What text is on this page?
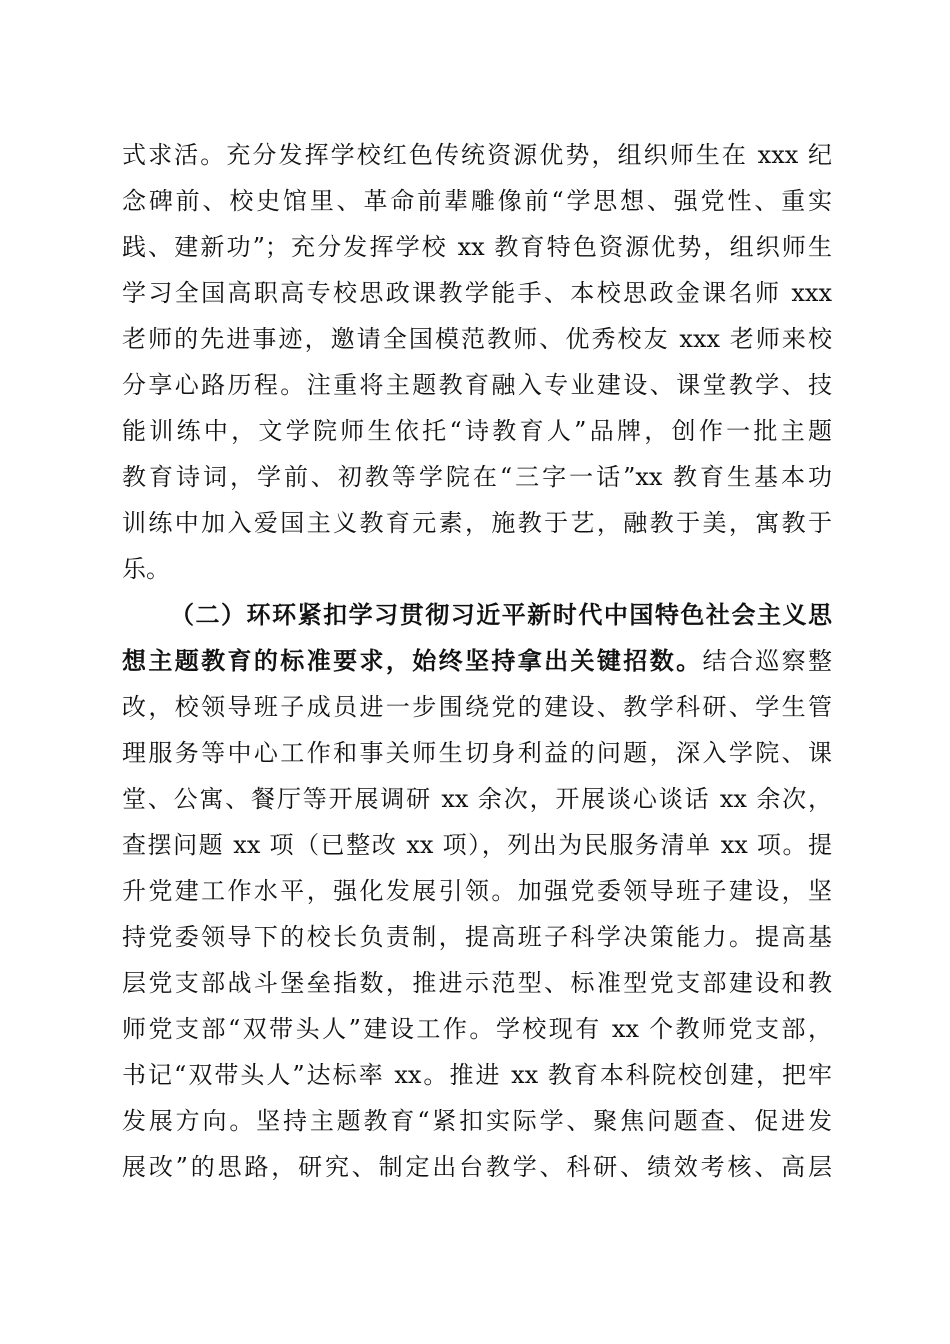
式求活。充分发挥学校红色传统资源优势，组织师生在 xxx 纪
念碑前、校史馆里、革命前辈雕像前“学思想、强党性、重实
践、建新功”；充分发挥学校 xx 教育特色资源优势，组织师生
学习全国高职高专校思政课教学能手、本校思政金课名师 xxx
老师的先进事迹，邀请全国模范教师、优秀校友 xxx 老师来校
分享心路历程。注重将主题教育融入专业建设、课堂教学、技
能训练中，文学院师生依托“诗教育人”品牌，创作一批主题
教育诗词，学前、初教等学院在“三字一话”xx 教育生基本功
训练中加入爱国主义教育元素，施教于艺，融教于美，寓教于
乐。
（二）环环紧扣学习贯彻习近平新时代中国特色社会主义思
想主题教育的标准要求，始终坚持拿出关键招数。结合巡察整
改，校领导班子成员进一步围绕党的建设、教学科研、学生管
理服务等中心工作和事关师生切身利益的问题，深入学院、课
堂、公寓、餐厅等开展调研 xx 余次，开展谈心谈话 xx 余次，
查摆问题 xx 项（已整改 xx 项），列出为民服务清单 xx 项。提
升党建工作水平，强化发展引领。加强党委领导班子建设，坚
持党委领导下的校长负责制，提高班子科学决策能力。提高基
层党支部战斗堡垒指数，推进示范型、标准型党支部建设和教
师党支部“双带头人”建设工作。学校现有 xx 个教师党支部，
书记“双带头人”达标率 xx。推进 xx 教育本科院校创建，把牢
发展方向。坚持主题教育“紧扣实际学、聚焦问题查、促进发
展改”的思路，研究、制定出台教学、科研、绩效考核、高层
